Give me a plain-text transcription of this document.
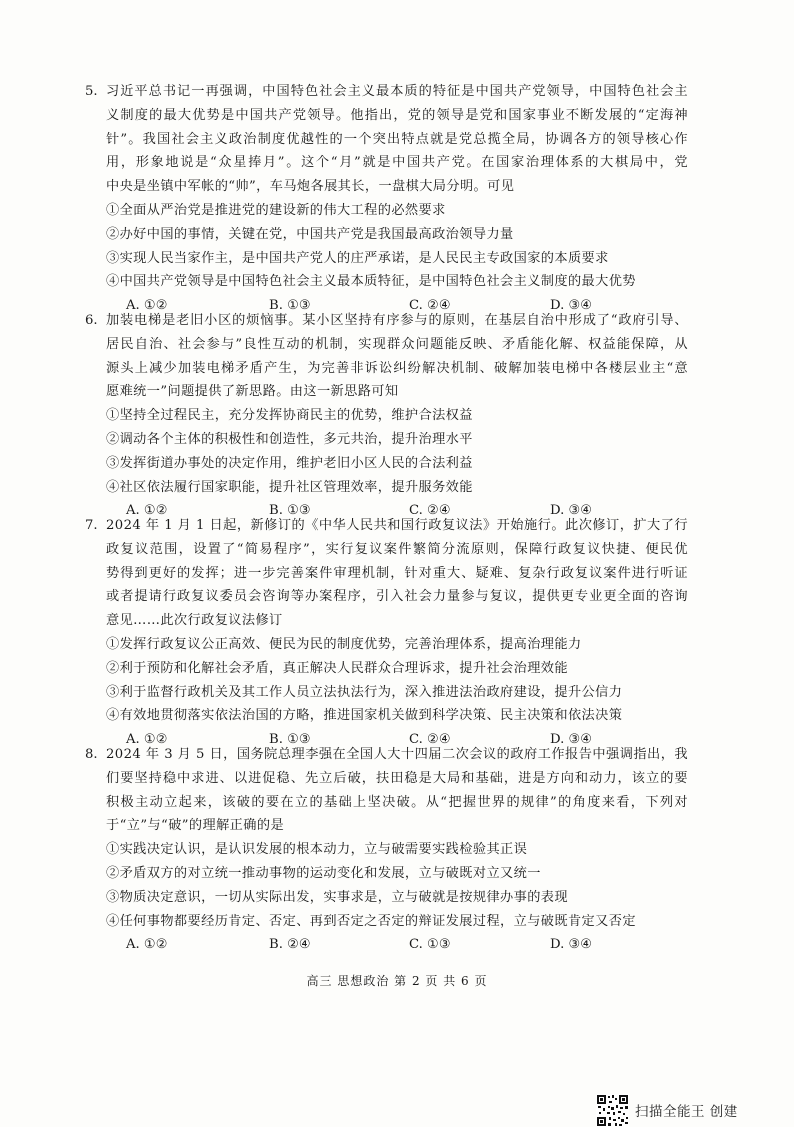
5. 习近平总书记一再强调，中国特色社会主义最本质的特征是中国共产党领导，中国特色社会主
义制度的最大优势是中国共产党领导。他指出，党的领导是党和国家事业不断发展的“定海神
针”。我国社会主义政治制度优越性的一个突出特点就是党总揽全局，协调各方的领导核心作
用，形象地说是“众星捧月”。这个“月”就是中国共产党。在国家治理体系的大棋局中，党
中央是坐镇中军帐的“帅”，车马炮各展其长，一盘棋大局分明。可见
①全面从严治党是推进党的建设新的伟大工程的必然要求
②办好中国的事情，关键在党，中国共产党是我国最高政治领导力量
③实现人民当家作主，是中国共产党人的庄严承诺，是人民民主专政国家的本质要求
④中国共产党领导是中国特色社会主义最本质特征，是中国特色社会主义制度的最大优势
A. ①②	B. ①③	C. ②④	D. ③④
6. 加装电梯是老旧小区的烦恼事。某小区坚持有序参与的原则，在基层自治中形成了“政府引导、
居民自治、社会参与”良性互动的机制，实现群众问题能反映、矛盾能化解、权益能保障，从
源头上减少加装电梯矛盾产生，为完善非诉讼纠纷解决机制、破解加装电梯中各楼层业主“意
愿难统一”问题提供了新思路。由这一新思路可知
①坚持全过程民主，充分发挥协商民主的优势，维护合法权益
②调动各个主体的积极性和创造性，多元共治，提升治理水平
③发挥街道办事处的决定作用，维护老旧小区人民的合法利益
④社区依法履行国家职能，提升社区管理效率，提升服务效能
A. ①②	B. ①③	C. ②④	D. ③④
7. 2024 年 1 月 1 日起，新修订的《中华人民共和国行政复议法》开始施行。此次修订，扩大了行
政复议范围，设置了“简易程序”，实行复议案件繁简分流原则，保障行政复议快捷、便民优
势得到更好的发挥；进一步完善案件审理机制，针对重大、疑难、复杂行政复议案件进行听证
或者提请行政复议委员会咨询等办案程序，引入社会力量参与复议，提供更专业更全面的咨询
意见……此次行政复议法修订
①发挥行政复议公正高效、便民为民的制度优势，完善治理体系，提高治理能力
②利于预防和化解社会矛盾，真正解决人民群众合理诉求，提升社会治理效能
③利于监督行政机关及其工作人员立法执法行为，深入推进法治政府建设，提升公信力
④有效地贯彻落实依法治国的方略，推进国家机关做到科学决策、民主决策和依法决策
A. ①②	B. ①③	C. ②④	D. ③④
8. 2024 年 3 月 5 日，国务院总理李强在全国人大十四届二次会议的政府工作报告中强调指出，我
们要坚持稳中求进、以进促稳、先立后破，扶田稳是大局和基础，进是方向和动力，该立的要
积极主动立起来，该破的要在立的基础上坚决破。从“把握世界的规律”的角度来看，下列对
于“立”与“破”的理解正确的是
①实践决定认识，是认识发展的根本动力，立与破需要实践检验其正误
②矛盾双方的对立统一推动事物的运动变化和发展，立与破既对立又统一
③物质决定意识，一切从实际出发，实事求是，立与破就是按规律办事的表现
④任何事物都要经历肯定、否定、再到否定之否定的辩证发展过程，立与破既肯定又否定
A. ①②	B. ②④	C. ①③	D. ③④
高三 思想政治 第 2 页 共 6 页
扫描全能王 创建
